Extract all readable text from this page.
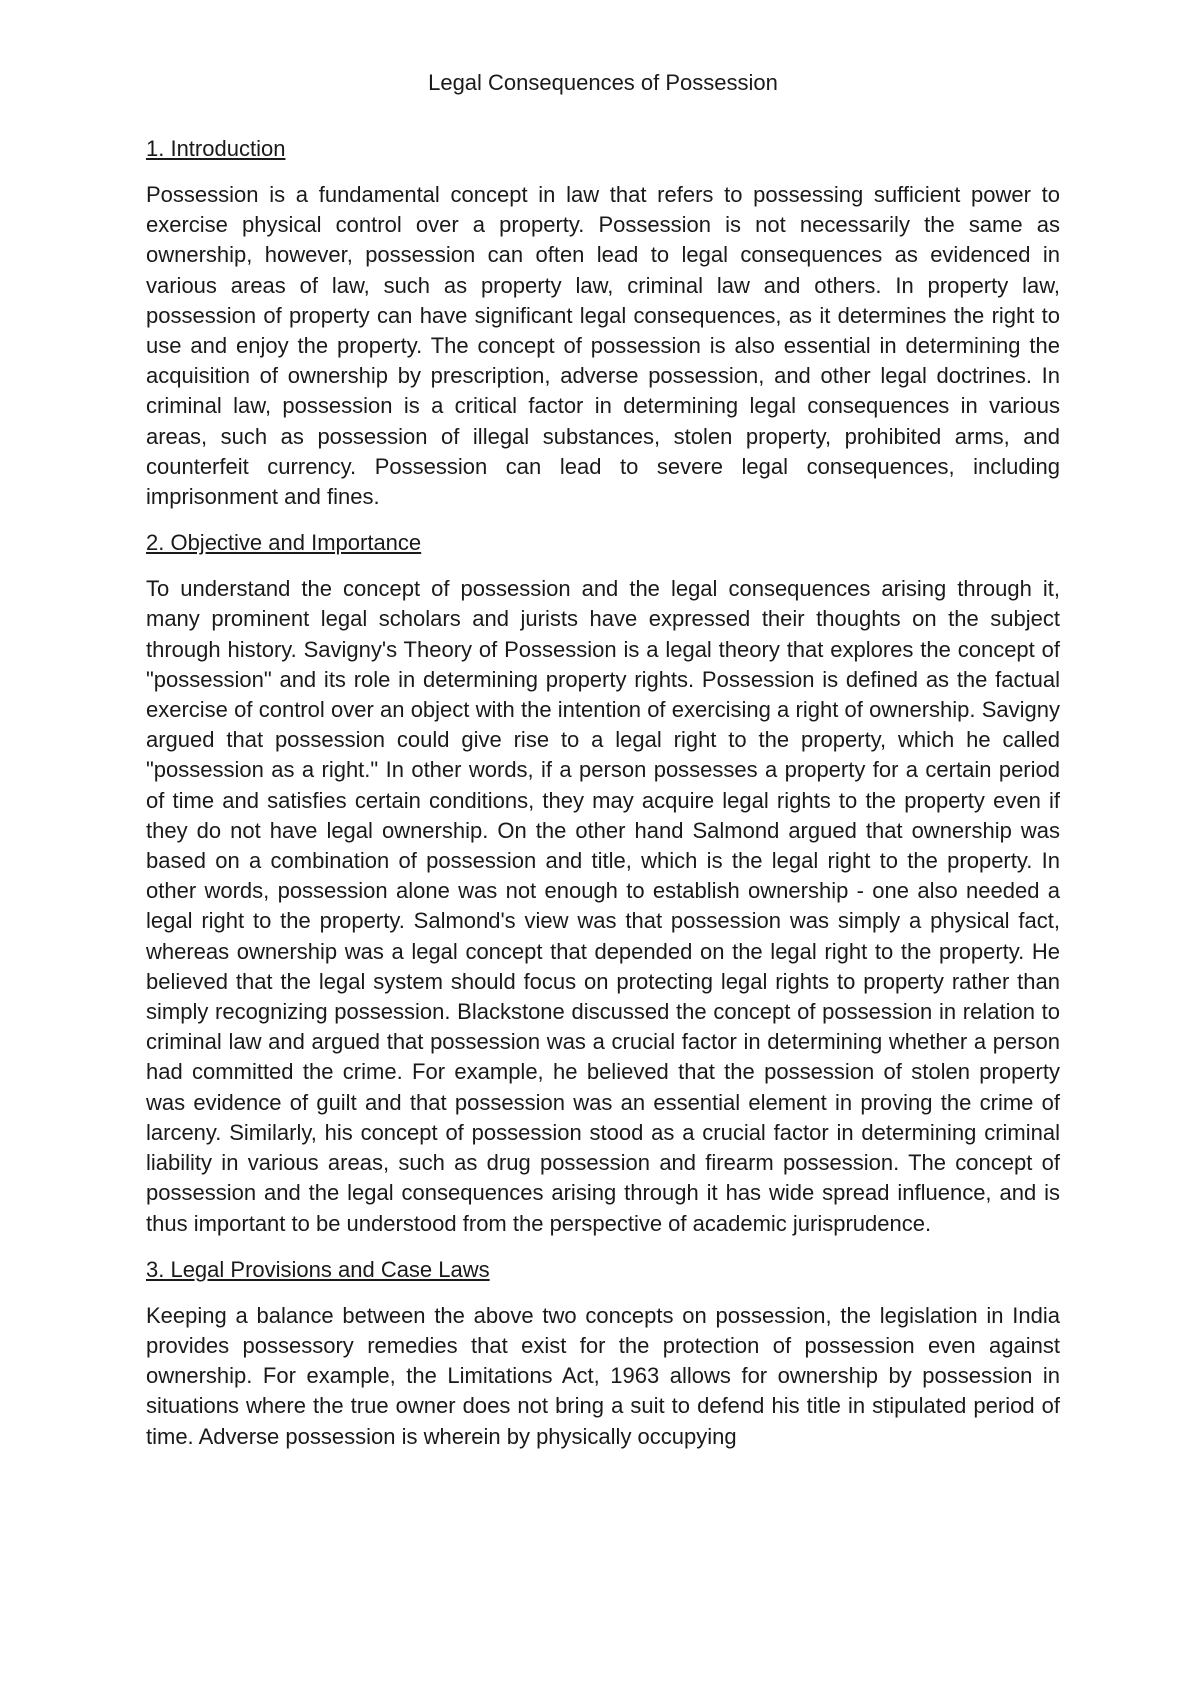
Legal Consequences of Possession
1. Introduction
Possession is a fundamental concept in law that refers to possessing sufficient power to exercise physical control over a property. Possession is not necessarily the same as ownership, however, possession can often lead to legal consequences as evidenced in various areas of law, such as property law, criminal law and others. In property law, possession of property can have significant legal consequences, as it determines the right to use and enjoy the property. The concept of possession is also essential in determining the acquisition of ownership by prescription, adverse possession, and other legal doctrines. In criminal law, possession is a critical factor in determining legal consequences in various areas, such as possession of illegal substances, stolen property, prohibited arms, and counterfeit currency. Possession can lead to severe legal consequences, including imprisonment and fines.
2. Objective and Importance
To understand the concept of possession and the legal consequences arising through it, many prominent legal scholars and jurists have expressed their thoughts on the subject through history. Savigny's Theory of Possession is a legal theory that explores the concept of "possession" and its role in determining property rights. Possession is defined as the factual exercise of control over an object with the intention of exercising a right of ownership. Savigny argued that possession could give rise to a legal right to the property, which he called "possession as a right." In other words, if a person possesses a property for a certain period of time and satisfies certain conditions, they may acquire legal rights to the property even if they do not have legal ownership. On the other hand Salmond argued that ownership was based on a combination of possession and title, which is the legal right to the property. In other words, possession alone was not enough to establish ownership - one also needed a legal right to the property. Salmond's view was that possession was simply a physical fact, whereas ownership was a legal concept that depended on the legal right to the property. He believed that the legal system should focus on protecting legal rights to property rather than simply recognizing possession. Blackstone discussed the concept of possession in relation to criminal law and argued that possession was a crucial factor in determining whether a person had committed the crime. For example, he believed that the possession of stolen property was evidence of guilt and that possession was an essential element in proving the crime of larceny. Similarly, his concept of possession stood as a crucial factor in determining criminal liability in various areas, such as drug possession and firearm possession. The concept of possession and the legal consequences arising through it has wide spread influence, and is thus important to be understood from the perspective of academic jurisprudence.
3. Legal Provisions and Case Laws
Keeping a balance between the above two concepts on possession, the legislation in India provides possessory remedies that exist for the protection of possession even against ownership. For example, the Limitations Act, 1963 allows for ownership by possession in situations where the true owner does not bring a suit to defend his title in stipulated period of time. Adverse possession is wherein by physically occupying
